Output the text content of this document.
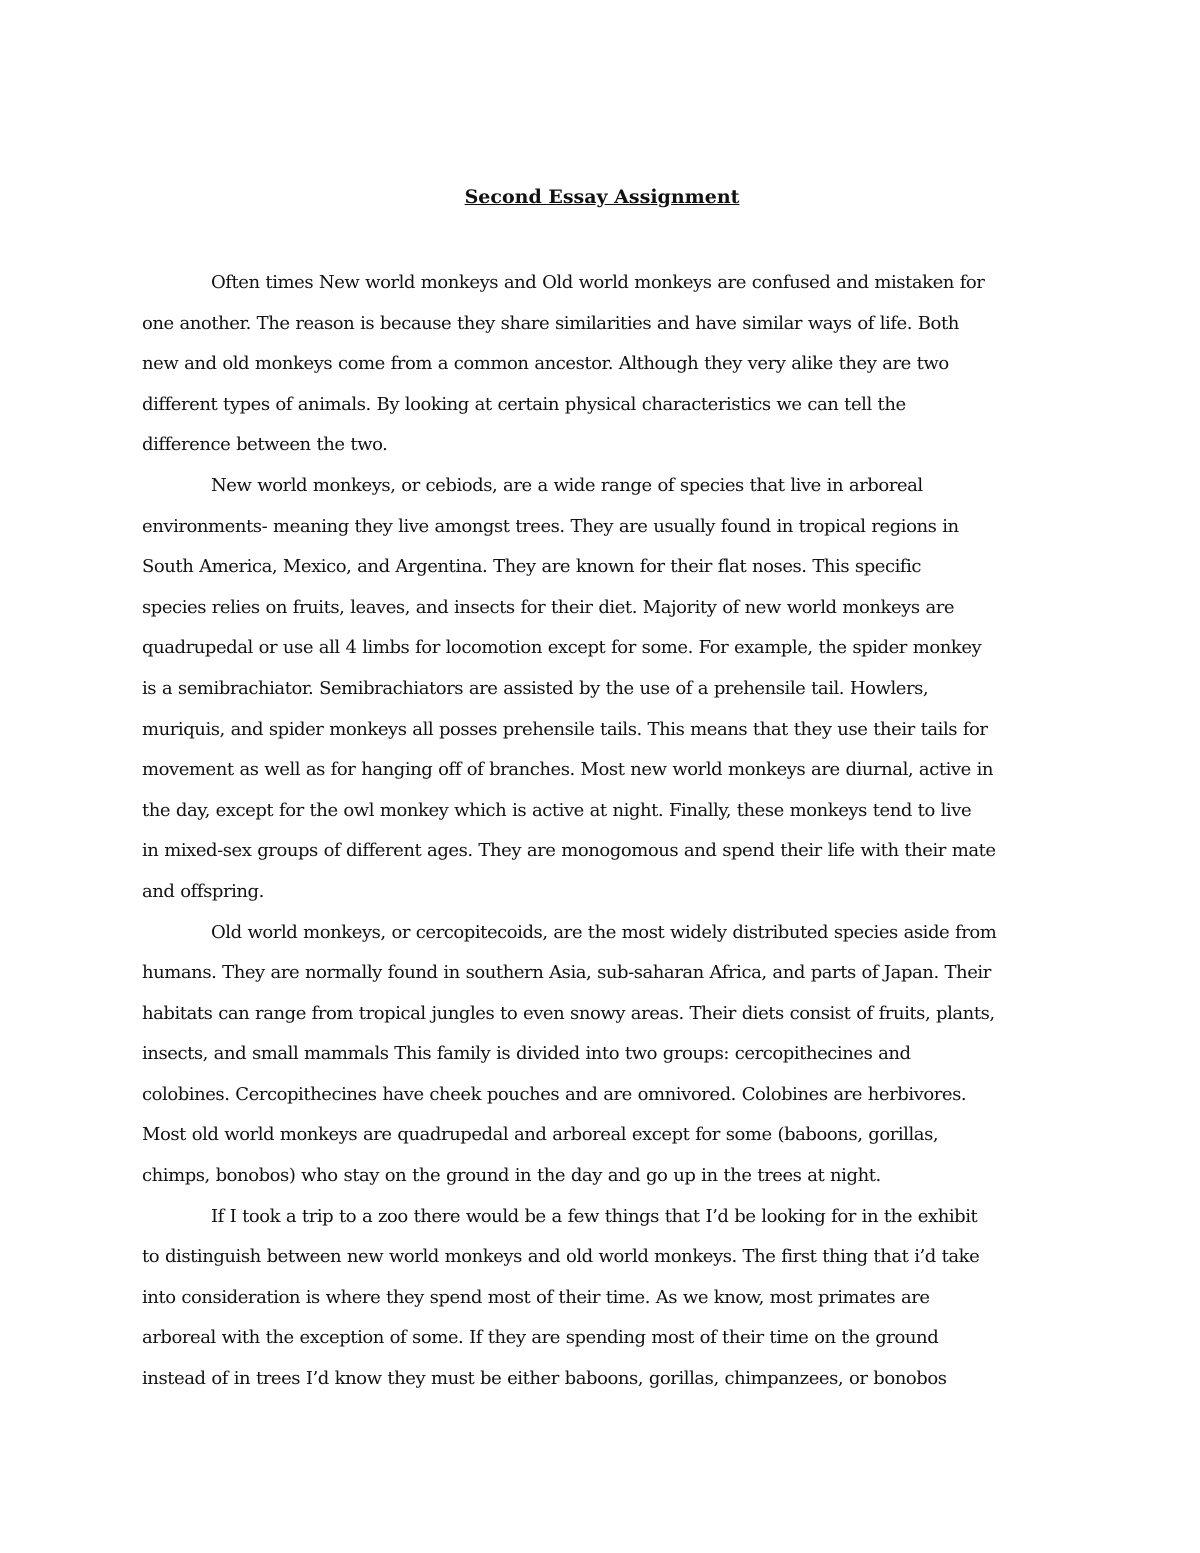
Second Essay Assignment
Often times New world monkeys and Old world monkeys are confused and mistaken for
one another. The reason is because they share similarities and have similar ways of life. Both
new and old monkeys come from a common ancestor. Although they very alike they are two
different types of animals. By looking at certain physical characteristics we can tell the
difference between the two.
New world monkeys, or cebiods, are a wide range of species that live in arboreal
environments- meaning they live amongst trees. They are usually found in tropical regions in
South America, Mexico, and Argentina. They are known for their flat noses. This specific
species relies on fruits, leaves, and insects for their diet. Majority of new world monkeys are
quadrupedal or use all 4 limbs for locomotion except for some. For example, the spider monkey
is a semibrachiator. Semibrachiators are assisted by the use of a prehensile tail. Howlers,
muriquis, and spider monkeys all posses prehensile tails. This means that they use their tails for
movement as well as for hanging off of branches. Most new world monkeys are diurnal, active in
the day, except for the owl monkey which is active at night. Finally, these monkeys tend to live
in mixed-sex groups of different ages. They are monogomous and spend their life with their mate
and offspring.
Old world monkeys, or cercopitecoids, are the most widely distributed species aside from
humans. They are normally found in southern Asia, sub-saharan Africa, and parts of Japan. Their
habitats can range from tropical jungles to even snowy areas. Their diets consist of fruits, plants,
insects, and small mammals This family is divided into two groups: cercopithecines and
colobines. Cercopithecines have cheek pouches and are omnivored. Colobines are herbivores.
Most old world monkeys are quadrupedal and arboreal except for some (baboons, gorillas,
chimps, bonobos) who stay on the ground in the day and go up in the trees at night.
If I took a trip to a zoo there would be a few things that I’d be looking for in the exhibit
to distinguish between new world monkeys and old world monkeys. The first thing that i’d take
into consideration is where they spend most of their time. As we know, most primates are
arboreal with the exception of some. If they are spending most of their time on the ground
instead of in trees I’d know they must be either baboons, gorillas, chimpanzees, or bonobos
